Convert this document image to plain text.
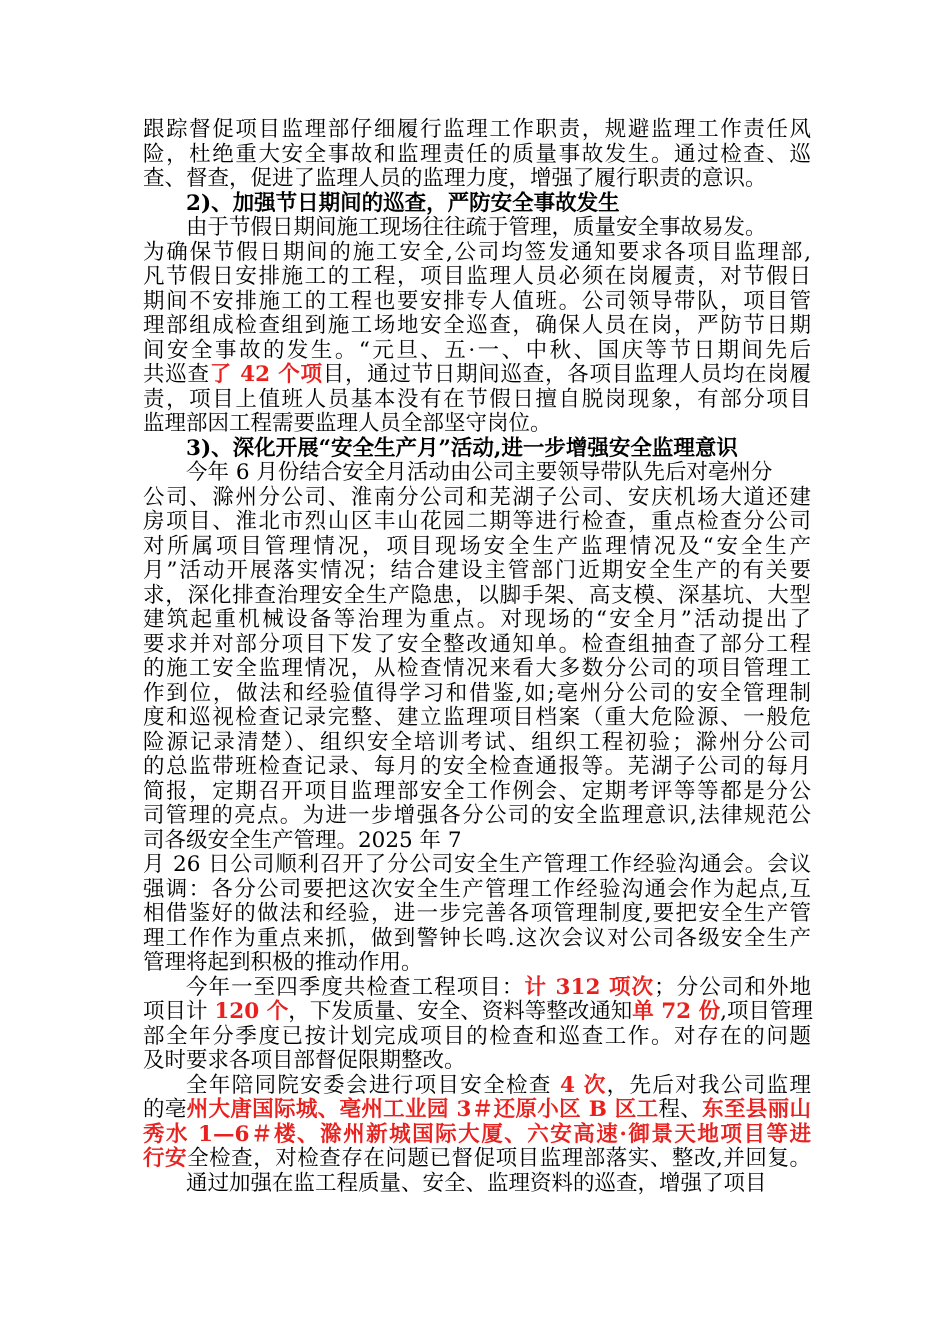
跟踪督促项目监理部仔细履行监理工作职责，规避监理工作责任风
险，杜绝重大安全事故和监理责任的质量事故发生。通过检查、巡
查、督查，促进了监理人员的监理力度，增强了履行职责的意识。
2)、加强节日期间的巡查，严防安全事故发生
由于节假日期间施工现场往往疏于管理，质量安全事故易发。
为确保节假日期间的施工安全,公司均签发通知要求各项目监理部,
凡节假日安排施工的工程，项目监理人员必须在岗履责，对节假日
期间不安排施工的工程也要安排专人值班。公司领导带队，项目管
理部组成检查组到施工场地安全巡查，确保人员在岗，严防节日期
间安全事故的发生。“元旦、五·一、中秋、国庆等节日期间先后
共巡查了 42 个项目，通过节日期间巡查，各项目监理人员均在岗履
责，项目上值班人员基本没有在节假日擅自脱岗现象，有部分项目
监理部因工程需要监理人员全部坚守岗位。
3)、深化开展“安全生产月”活动,进一步增强安全监理意识
今年 6 月份结合安全月活动由公司主要领导带队先后对亳州分
公司、滁州分公司、淮南分公司和芜湖子公司、安庆机场大道还建
房项目、淮北市烈山区丰山花园二期等进行检查，重点检查分公司
对所属项目管理情况，项目现场安全生产监理情况及“安全生产
月”活动开展落实情况；结合建设主管部门近期安全生产的有关要
求，深化排查治理安全生产隐患，以脚手架、高支模、深基坑、大型
建筑起重机械设备等治理为重点。对现场的“安全月”活动提出了
要求并对部分项目下发了安全整改通知单。检查组抽查了部分工程
的施工安全监理情况，从检查情况来看大多数分公司的项目管理工
作到位，做法和经验值得学习和借鉴,如;亳州分公司的安全管理制
度和巡视检查记录完整、建立监理项目档案（重大危险源、一般危
险源记录清楚）、组织安全培训考试、组织工程初验；滁州分公司
的总监带班检查记录、每月的安全检查通报等。芜湖子公司的每月
简报，定期召开项目监理部安全工作例会、定期考评等等都是分公
司管理的亮点。为进一步增强各分公司的安全监理意识,法律规范公
司各级安全生产管理。2025 年 7
月 26 日公司顺利召开了分公司安全生产管理工作经验沟通会。会议
强调：各分公司要把这次安全生产管理工作经验沟通会作为起点,互
相借鉴好的做法和经验，进一步完善各项管理制度,要把安全生产管
理工作作为重点来抓，做到警钟长鸣.这次会议对公司各级安全生产
管理将起到积极的推动作用。
今年一至四季度共检查工程项目：计 312 项次；分公司和外地
项目计 120 个，下发质量、安全、资料等整改通知单 72 份,项目管理
部全年分季度已按计划完成项目的检查和巡查工作。对存在的问题
及时要求各项目部督促限期整改。
全年陪同院安委会进行项目安全检查 4 次，先后对我公司监理
的亳州大唐国际城、亳州工业园 3＃还原小区 B 区工程、东至县丽山
秀水 1—6＃楼、滁州新城国际大厦、六安高速·御景天地项目等进
行安全检查，对检查存在问题已督促项目监理部落实、整改,并回复。
通过加强在监工程质量、安全、监理资料的巡查，增强了项目
